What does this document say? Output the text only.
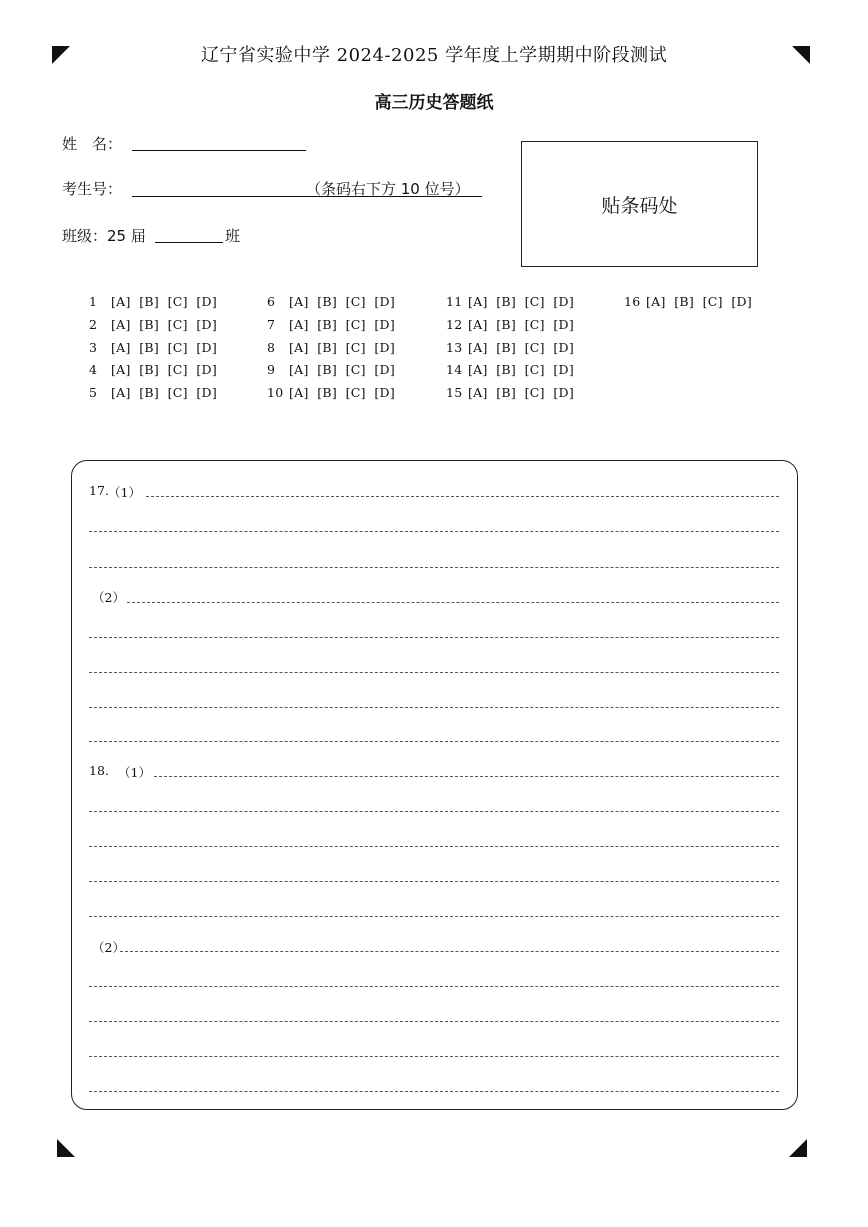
辽宁省实验中学 2024-2025 学年度上学期期中阶段测试
高三历史答题纸
姓　名：
考生号：	（条码右下方 10 位号）
班级：25 届	班
贴条码处
1 [A]  [B]  [C]  [D]
2 [A]  [B]  [C]  [D]
3 [A]  [B]  [C]  [D]
4 [A]  [B]  [C]  [D]
5 [A]  [B]  [C]  [D]
6 [A]  [B]  [C]  [D]
7 [A]  [B]  [C]  [D]
8 [A]  [B]  [C]  [D]
9 [A]  [B]  [C]  [D]
10 [A]  [B]  [C]  [D]
11 [A]  [B]  [C]  [D]
12 [A]  [B]  [C]  [D]
13 [A]  [B]  [C]  [D]
14 [A]  [B]  [C]  [D]
15 [A]  [B]  [C]  [D]
16 [A]  [B]  [C]  [D]
17. （1）
（2）
18. （1）
（2）
